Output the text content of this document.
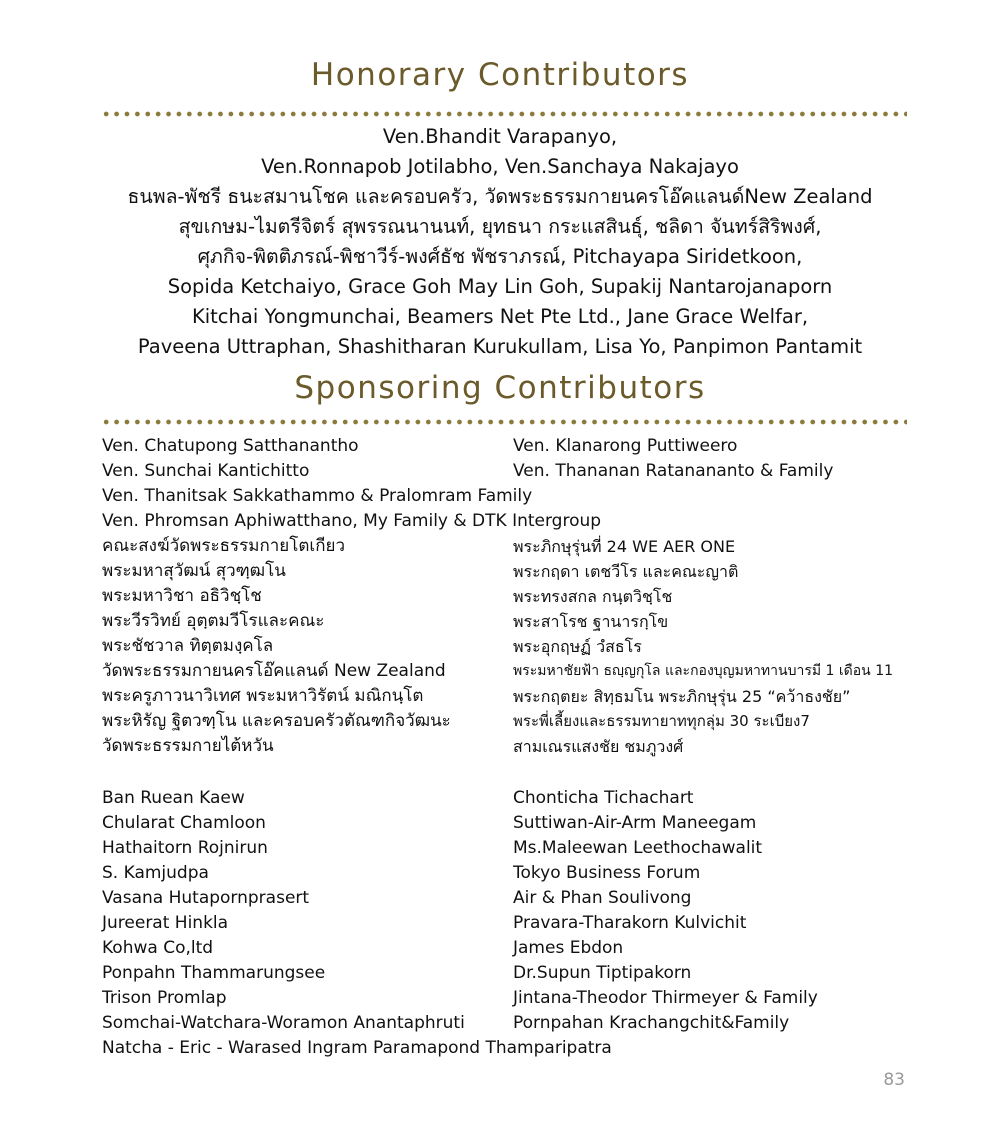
Honorary Contributors
Ven.Bhandit Varapanyo,
Ven.Ronnapob Jotilabho, Ven.Sanchaya Nakajayo
ธนพล-พัชรี ธนะสมานโชค และครอบครัว, วัดพระธรรมกายนครโอ๊คแลนด์New Zealand
สุขเกษม-ไมตรีจิตร์ สุพรรณนานนท์, ยุทธนา กระแสสินธุ์, ชลิดา จันทร์สิริพงศ์,
ศุภกิจ-พิตติภรณ์-พิชาวีร์-พงศ์ธัช พัชราภรณ์, Pitchayapa Siridetkoon,
Sopida Ketchaiyo, Grace Goh May Lin Goh, Supakij Nantarojanaporn
Kitchai Yongmunchai, Beamers Net Pte Ltd., Jane Grace Welfar,
Paveena Uttraphan, Shashitharan Kurukullam, Lisa Yo, Panpimon Pantamit
Sponsoring Contributors
Ven. Chatupong Satthanantho
Ven. Sunchai Kantichitto
Ven. Klanarong Puttiweero
Ven. Thananan Ratanananto & Family
Ven. Thanitsak Sakkathammo & Pralomram Family
Ven. Phromsan Aphiwatthano, My Family & DTK Intergroup
คณะสงฆ์วัดพระธรรมกายโตเกียว
พระมหาสุวัฒน์ สุวฑฺฒโน
พระมหาวิชา อธิวิชฺโช
พระวีรวิทย์ อุตฺตมวีโรและคณะ
พระชัชวาล ทิตฺตมงฺคโล
วัดพระธรรมกายนครโอ๊คแลนด์ New Zealand
พระครูภาวนาวิเทศ พระมหาวิรัตน์ มณิกนฺโต
พระหิรัญ ฐิตวฑฺโน และครอบครัวตัณฑกิจวัฒนะ
วัดพระธรรมกายไต้หวัน
พระภิกษุรุ่นที่ 24 WE AER ONE
พระกฤดา เตชวีโร และคณะญาติ
พระทรงสกล กนฺตวิชฺโช
พระสาโรช ฐานารกฺโข
พระอุกฤษฏ์ วํสธโร
พระมหาชัยฟ้า ธญฺญกุโล และกองบุญมหาทานบารมี 1 เดือน 11
พระกฤตยะ สิทฺธมโน พระภิกษุรุ่น 25 “คว้าธงชัย”
พระพี่เลี้ยงและธรรมทายาททุกลุ่ม 30 ระเบียง7
สามเณรแสงชัย ชมภูวงศ์
Ban Ruean Kaew
Chularat Chamloon
Hathaitorn Rojnirun
S. Kamjudpa
Vasana Hutapornprasert
Jureerat Hinkla
Kohwa Co,ltd
Ponpahn Thammarungsee
Trison Promlap
Somchai-Watchara-Woramon Anantaphruti
Chonticha Tichachart
Suttiwan-Air-Arm Maneegam
Ms.Maleewan Leethochawalit
Tokyo Business Forum
Air & Phan Soulivong
Pravara-Tharakorn Kulvichit
James Ebdon
Dr.Supun Tiptipakorn
Jintana-Theodor Thirmeyer & Family
Pornpahan Krachangchit&Family
Natcha - Eric - Warased Ingram Paramapond Thamparipatra
83
